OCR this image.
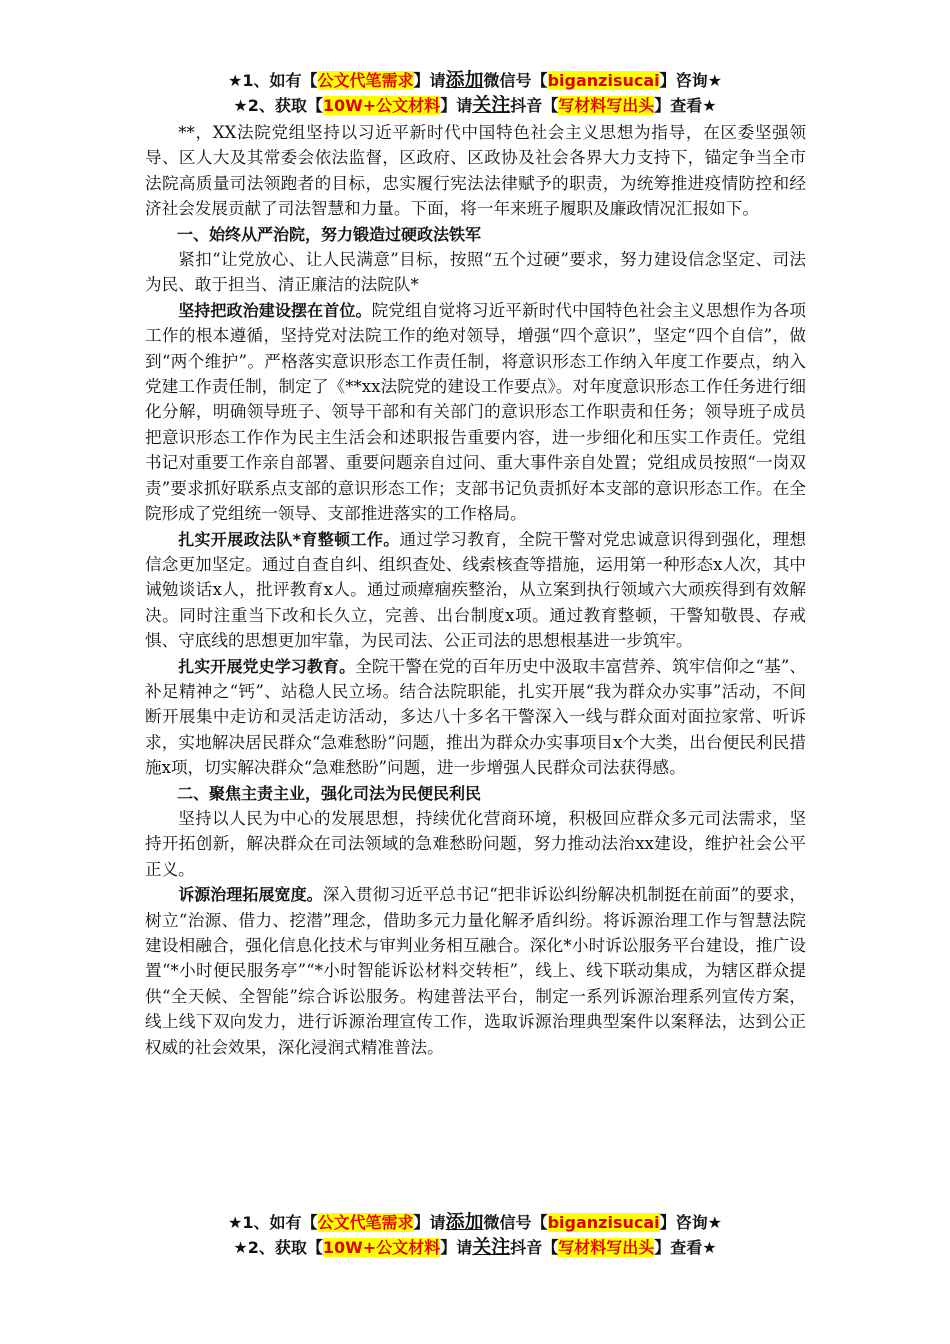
★1、如有【公文代笔需求】请添加微信号【biganzisucai】咨询★
★2、获取【10W+公文材料】请关注抖音【写材料写出头】查看★

**，XX法院党组坚持以习近平新时代中国特色社会主义思想为指导，在区委坚强领导、区人大及其常委会依法监督，区政府、区政协及社会各界大力支持下，锚定争当全市法院高质量司法领跑者的目标，忠实履行宪法法律赋予的职责，为统筹推进疫情防控和经济社会发展贡献了司法智慧和力量。下面，将一年来班子履职及廉政情况汇报如下。

一、始终从严治院，努力锻造过硬政法铁军

紧扣“让党放心、让人民满意”目标，按照“五个过硬”要求，努力建设信念坚定、司法为民、敢于担当、清正廉洁的法院队*

坚持把政治建设摆在首位。院党组自觉将习近平新时代中国特色社会主义思想作为各项工作的根本遵循，坚持党对法院工作的绝对领导，增强“四个意识”，坚定“四个自信”，做到“两个维护”。严格落实意识形态工作责任制，将意识形态工作纳入年度工作要点，纳入党建工作责任制，制定了《**xx法院党的建设工作要点》。对年度意识形态工作任务进行细化分解，明确领导班子、领导干部和有关部门的意识形态工作职责和任务；领导班子成员把意识形态工作作为民主生活会和述职报告重要内容，进一步细化和压实工作责任。党组书记对重要工作亲自部署、重要问题亲自过问、重大事件亲自处置；党组成员按照“一岗双责”要求抓好联系点支部的意识形态工作；支部书记负责抓好本支部的意识形态工作。在全院形成了党组统一领导、支部推进落实的工作格局。

扎实开展政法队*育整顿工作。通过学习教育，全院干警对党忠诚意识得到强化，理想信念更加坚定。通过自查自纠、组织查处、线索核查等措施，运用第一种形态x人次，其中诫勉谈话x人，批评教育x人。通过顽瘴痼疾整治，从立案到执行领域六大顽疾得到有效解决。同时注重当下改和长久立，完善、出台制度x项。通过教育整顿，干警知敬畏、存戒惧、守底线的思想更加牢靠，为民司法、公正司法的思想根基进一步筑牢。

扎实开展党史学习教育。全院干警在党的百年历史中汲取丰富营养、筑牢信仰之“基”、补足精神之“钙”、站稳人民立场。结合法院职能，扎实开展“我为群众办实事”活动，不间断开展集中走访和灵活走访活动，多达八十多名干警深入一线与群众面对面拉家常、听诉求，实地解决居民群众“急难愁盼”问题，推出为群众办实事项目x个大类，出台便民利民措施x项，切实解决群众“急难愁盼”问题，进一步增强人民群众司法获得感。

二、聚焦主责主业，强化司法为民便民利民

坚持以人民为中心的发展思想，持续优化营商环境，积极回应群众多元司法需求，坚持开拓创新，解决群众在司法领域的急难愁盼问题，努力推动法治xx建设，维护社会公平正义。

诉源治理拓展宽度。深入贯彻习近平总书记“把非诉讼纠纷解决机制挺在前面”的要求，树立“治源、借力、挖潜”理念，借助多元力量化解矛盾纠纷。将诉源治理工作与智慧法院建设相融合，强化信息化技术与审判业务相互融合。深化*小时诉讼服务平台建设，推广设置“*小时便民服务亭”“*小时智能诉讼材料交转柜”，线上、线下联动集成，为辖区群众提供“全天候、全智能”综合诉讼服务。构建普法平台，制定一系列诉源治理系列宣传方案，线上线下双向发力，进行诉源治理宣传工作，选取诉源治理典型案件以案释法，达到公正权威的社会效果，深化浸润式精准普法。

★1、如有【公文代笔需求】请添加微信号【biganzisucai】咨询★
★2、获取【10W+公文材料】请关注抖音【写材料写出头】查看★
